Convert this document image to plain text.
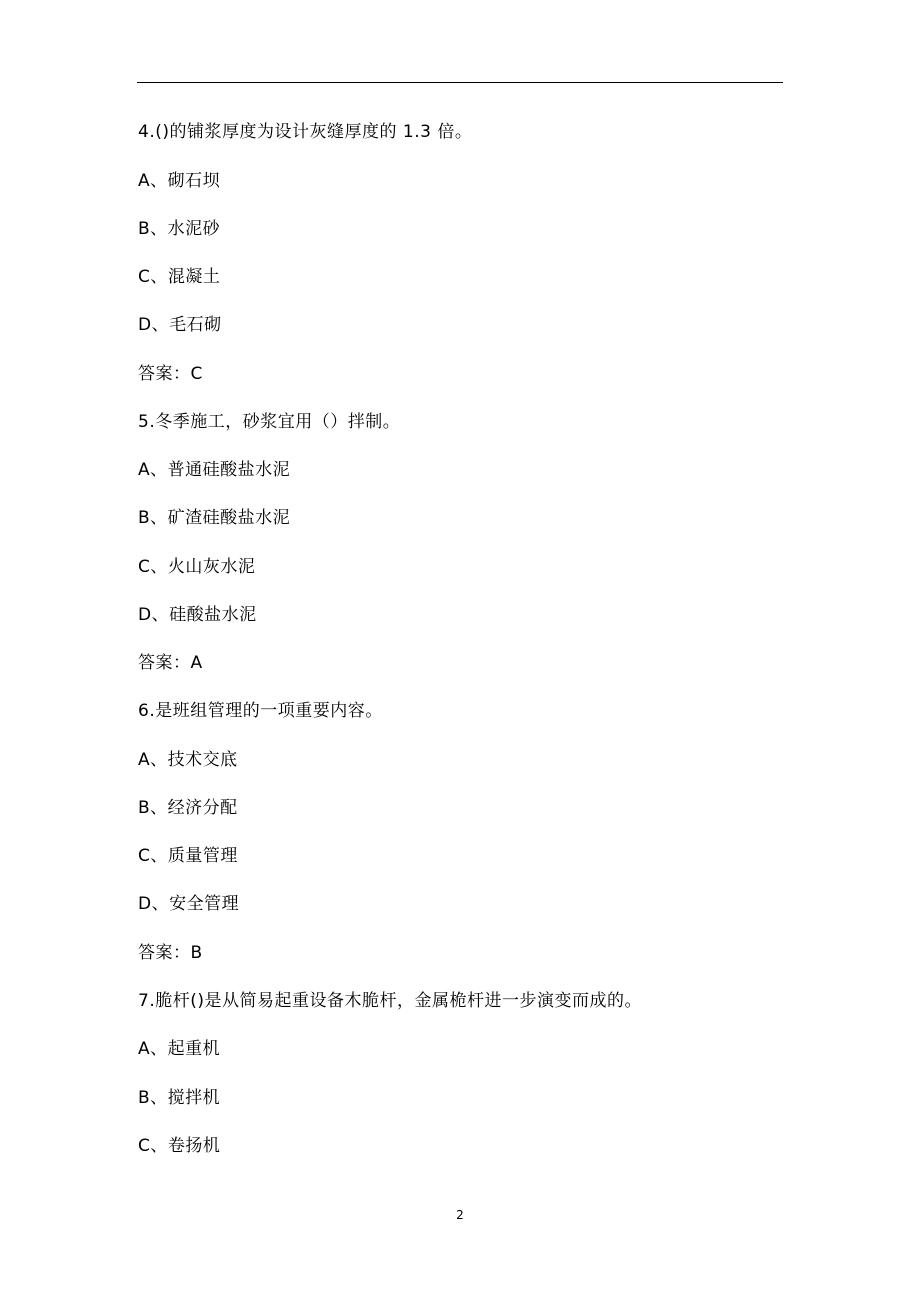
4.()的铺浆厚度为设计灰缝厚度的 1.3 倍。
A、砌石坝
B、水泥砂
C、混凝土
D、毛石砌
答案：C
5.冬季施工，砂浆宜用（）拌制。
A、普通硅酸盐水泥
B、矿渣硅酸盐水泥
C、火山灰水泥
D、硅酸盐水泥
答案：A
6.是班组管理的一项重要内容。
A、技术交底
B、经济分配
C、质量管理
D、安全管理
答案：B
7.脆杆()是从简易起重设备木脆杆，金属桅杆进一步演变而成的。
A、起重机
B、搅拌机
C、卷扬机
2
